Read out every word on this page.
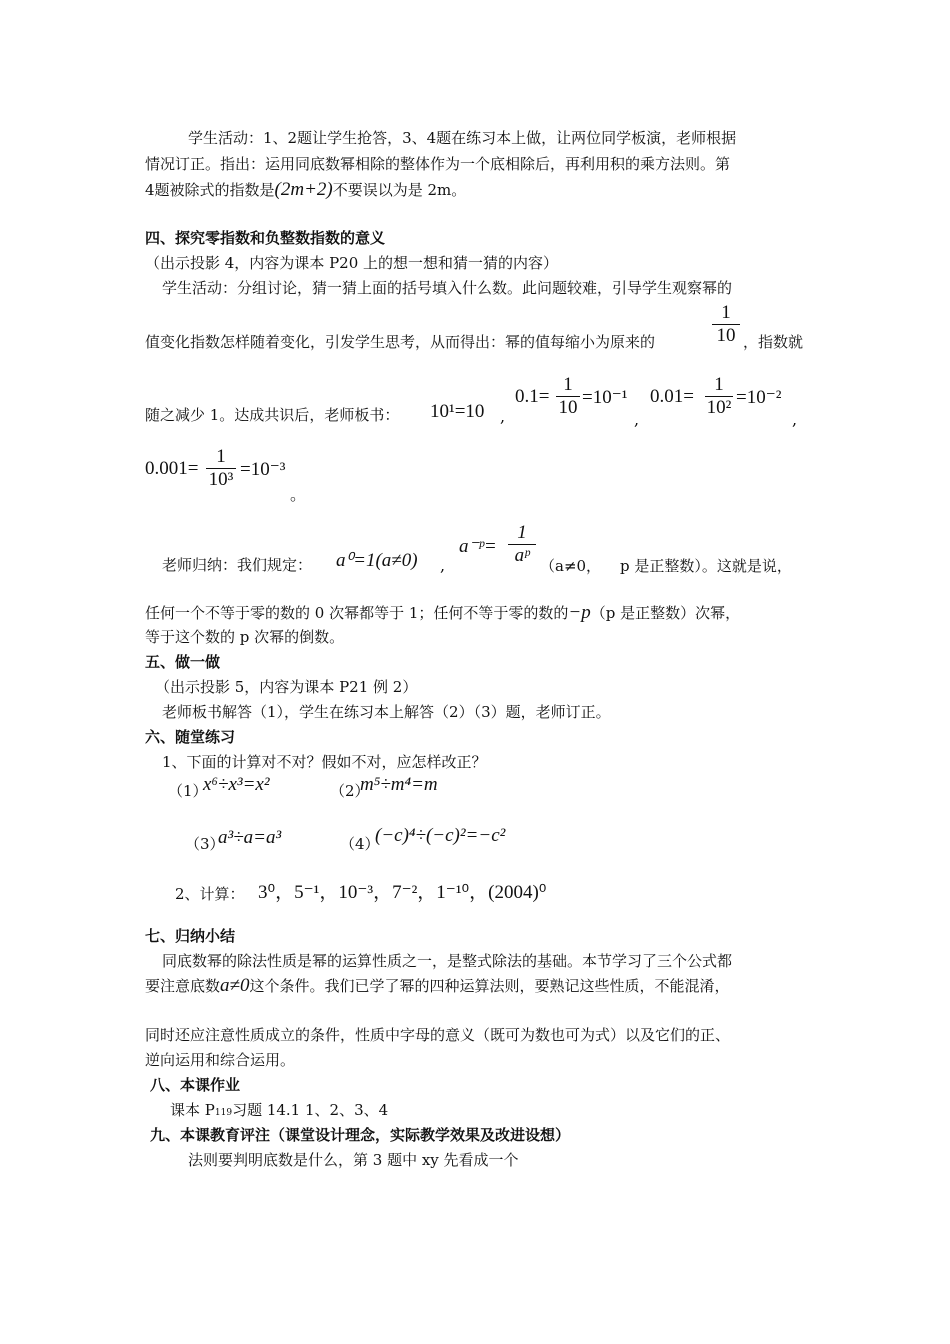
学生活动：1、2题让学生抢答，3、4题在练习本上做，让两位同学板演，老师根据
情况订正。指出：运用同底数幂相除的整体作为一个底相除后，再利用积的乘方法则。第
4题被除式的指数是(2m+2)不要误以为是 2m。
四、探究零指数和负整数指数的意义
（出示投影 4，内容为课本 P20 上的想一想和猜一猜的内容）
学生活动：分组讨论，猜一猜上面的括号填入什么数。此问题较难，引导学生观察幂的
值变化指数怎样随着变化，引发学生思考，从而得出：幂的值每缩小为原来的	$\frac{1}{10}$ ，指数就
随之减少 1。达成共识后，老师板书： 10¹=10 ,
$0.1= \frac{1}{10} =10^{-1}$
,
$0.01= \frac{1}{\text{10²}} =10^{-2}$
,
$0.001= \frac{1}{\text{10³}} =10^{-3}$
。
老师归纳：我们规定： a⁰=1(a≠0) ,
a⁻ᵖ= $\frac{1}{\text{aᵖ}} (a\ne 0$， p 是正整数）。这就是说，
任何一个不等于零的数的 0 次幂都等于 1；任何不等于零的数的−p（p 是正整数）次幂，
等于这个数的 p 次幂的倒数。
五、做一做
（出示投影 5，内容为课本 P21 例 2）
老师板书解答（1），学生在练习本上解答（2）（3）题，老师订正。
六、随堂练习
1、下面的计算对不对？假如不对，应怎样改正？
（1）
x⁶÷x³=x²	（2）
m⁵÷m⁴=m
（3）
a³÷a=a³	（4）
(−c)⁴÷(−c)²=−c²
2、计算： 3⁰，5⁻¹，10⁻³，7⁻²，1⁻¹⁰，(2004)⁰
七、归纳小结
同底数幂的除法性质是幂的运算性质之一，是整式除法的基础。本节学习了三个公式都
要注意底数a≠0这个条件。我们已学了幂的四种运算法则，要熟记这些性质，不能混淆，
同时还应注意性质成立的条件，性质中字母的意义（既可为数也可为式）以及它们的正、
逆向运用和综合运用。
八、本课作业
课本 P119习题 14.1 1、2、3、4
九、本课教育评注（课堂设计理念，实际教学效果及改进设想）
法则要判明底数是什么，第 3 题中 xy 先看成一个
